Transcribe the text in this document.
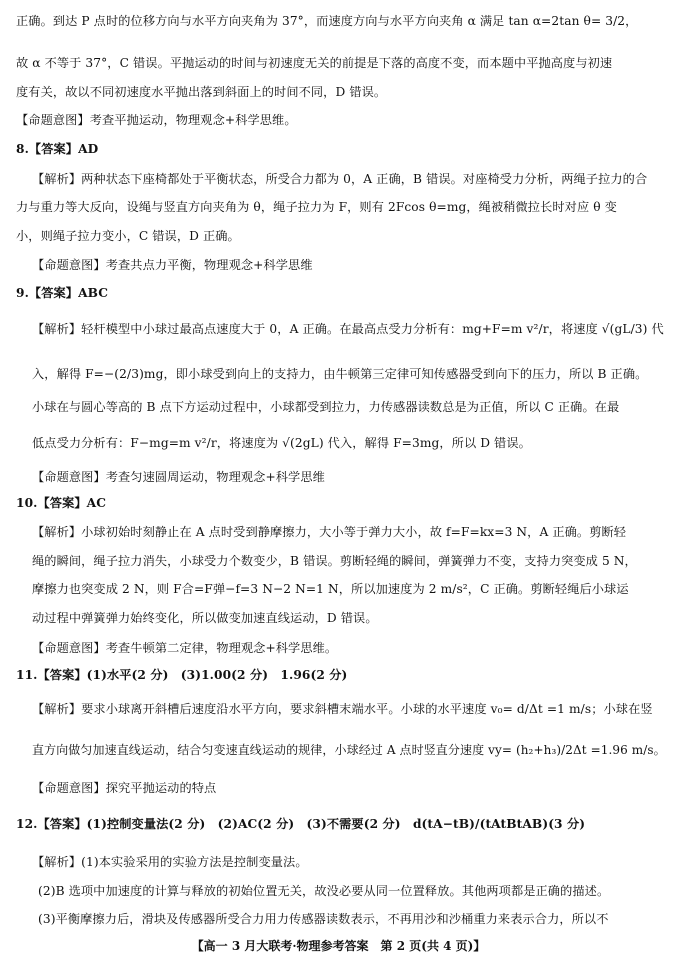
正确。到达 P 点时的位移方向与水平方向夹角为 37°，而速度方向与水平方向夹角 α 满足 tan α=2tan θ= 3/2，
故 α 不等于 37°，C 错误。平抛运动的时间与初速度无关的前提是下落的高度不变，而本题中平抛高度与初速
度有关，故以不同初速度水平抛出落到斜面上的时间不同，D 错误。
【命题意图】考查平抛运动，物理观念+科学思维。
8.【答案】AD
【解析】两种状态下座椅都处于平衡状态，所受合力都为 0，A 正确，B 错误。对座椅受力分析，两绳子拉力的合
力与重力等大反向，设绳与竖直方向夹角为 θ，绳子拉力为 F，则有 2Fcos θ=mg，绳被稍微拉长时对应 θ 变
小，则绳子拉力变小，C 错误，D 正确。
【命题意图】考查共点力平衡，物理观念+科学思维
9.【答案】ABC
【解析】轻杆模型中小球过最高点速度大于 0，A 正确。在最高点受力分析有：mg+F=m v²/r，将速度 √(gL/3) 代
入，解得 F=−(2/3)mg，即小球受到向上的支持力，由牛顿第三定律可知传感器受到向下的压力，所以 B 正确。
小球在与圆心等高的 B 点下方运动过程中，小球都受到拉力，力传感器读数总是为正值，所以 C 正确。在最
低点受力分析有：F−mg=m v²/r，将速度为 √(2gL) 代入，解得 F=3mg，所以 D 错误。
【命题意图】考查匀速圆周运动，物理观念+科学思维
10.【答案】AC
【解析】小球初始时刻静止在 A 点时受到静摩擦力，大小等于弹力大小，故 f=F=kx=3 N，A 正确。剪断轻
绳的瞬间，绳子拉力消失，小球受力个数变少，B 错误。剪断轻绳的瞬间，弹簧弹力不变，支持力突变成 5 N，
摩擦力也突变成 2 N，则 F合=F弹−f=3 N−2 N=1 N，所以加速度为 2 m/s²，C 正确。剪断轻绳后小球运
动过程中弹簧弹力始终变化，所以做变加速直线运动，D 错误。
【命题意图】考查牛顿第二定律，物理观念+科学思维。
11.【答案】(1)水平(2 分)　(3)1.00(2 分)　1.96(2 分)
【解析】要求小球离开斜槽后速度沿水平方向，要求斜槽末端水平。小球的水平速度 v₀= d/Δt =1 m/s；小球在竖
直方向做匀加速直线运动，结合匀变速直线运动的规律，小球经过 A 点时竖直分速度 vy= (h₂+h₃)/2Δt =1.96 m/s。
【命题意图】探究平抛运动的特点
12.【答案】(1)控制变量法(2 分)　(2)AC(2 分)　(3)不需要(2 分)　d(tA−tB)/(tAtBtAB)(3 分)
【解析】(1)本实验采用的实验方法是控制变量法。
(2)B 选项中加速度的计算与释放的初始位置无关，故没必要从同一位置释放。其他两项都是正确的描述。
(3)平衡摩擦力后，滑块及传感器所受合力用力传感器读数表示，不再用沙和沙桶重力来表示合力，所以不
【高一 3 月大联考·物理参考答案　第 2 页(共 4 页)】
